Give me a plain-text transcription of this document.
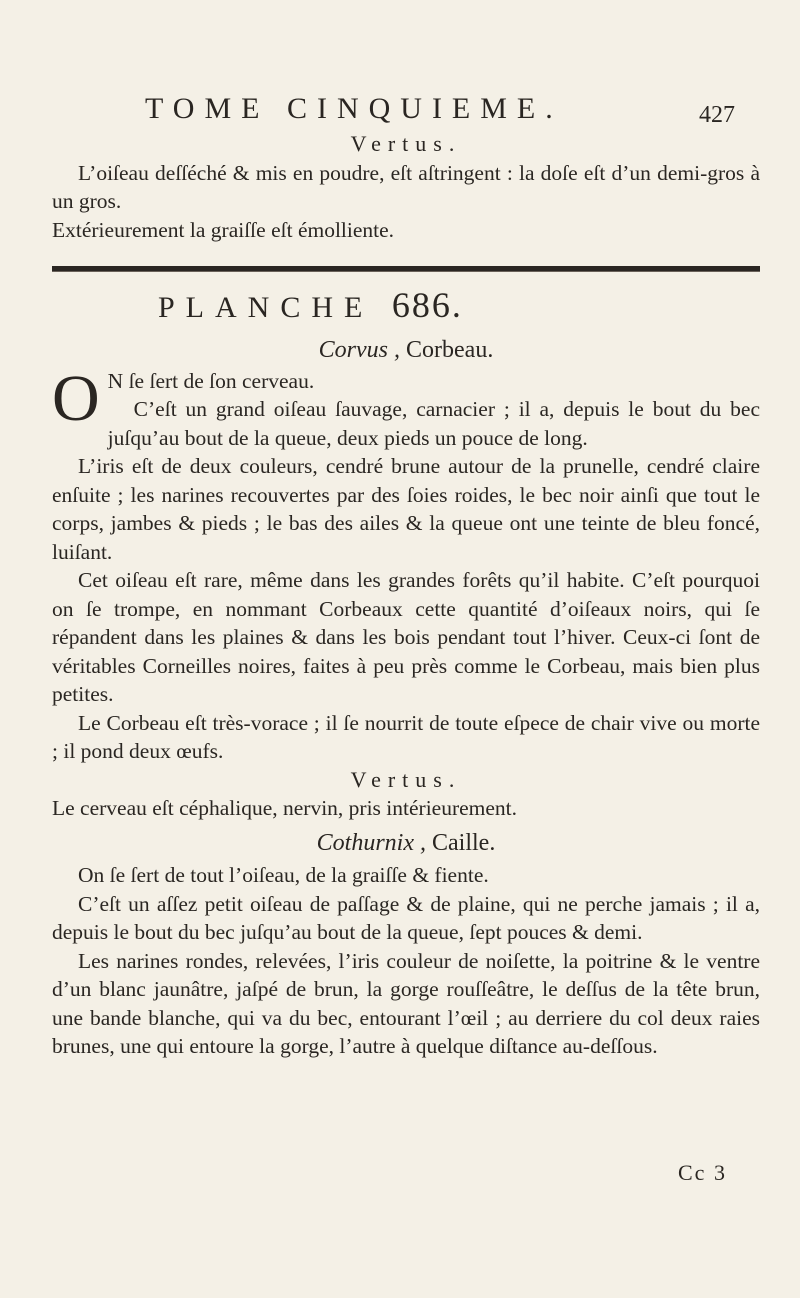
TOME CINQUIEME.	427
Vertus.

L’oiſeau deſſéché & mis en poudre, eſt aſtringent : la doſe eſt d’un demi-gros à un gros.

Extérieurement la graiſſe eſt émolliente.

PLANCHE 686.
Corvus , Corbeau.

O N ſe ſert de ſon cerveau.

C’eſt un grand oiſeau ſauvage, carnacier ; il a, depuis le bout du bec juſqu’au bout de la queue, deux pieds un pouce de long.

L’iris eſt de deux couleurs, cendré brune autour de la prunelle, cendré claire enſuite ; les narines recouvertes par des ſoies roides, le bec noir ainſi que tout le corps, jambes & pieds ; le bas des ailes & la queue ont une teinte de bleu foncé, luiſant.

Cet oiſeau eſt rare, même dans les grandes forêts qu’il habite. C’eſt pourquoi on ſe trompe, en nommant Corbeaux cette quantité d’oiſeaux noirs, qui ſe répandent dans les plaines & dans les bois pendant tout l’hiver. Ceux-ci ſont de véritables Corneilles noires, faites à peu près comme le Corbeau, mais bien plus petites.

Le Corbeau eſt très-vorace ; il ſe nourrit de toute eſpece de chair vive ou morte ; il pond deux œufs.

Vertus.

Le cerveau eſt céphalique, nervin, pris intérieurement.

Cothurnix , Caille.

On ſe ſert de tout l’oiſeau, de la graiſſe & fiente.

C’eſt un aſſez petit oiſeau de paſſage & de plaine, qui ne perche jamais ; il a, depuis le bout du bec juſqu’au bout de la queue, ſept pouces & demi.

Les narines rondes, relevées, l’iris couleur de noiſette, la poitrine & le ventre d’un blanc jaunâtre, jaſpé de brun, la gorge rouſſeâtre, le deſſus de la tête brun, une bande blanche, qui va du bec, entourant l’œil ; au derriere du col deux raies brunes, une qui entoure la gorge, l’autre à quelque diſtance au-deſſous.

Cc 3
